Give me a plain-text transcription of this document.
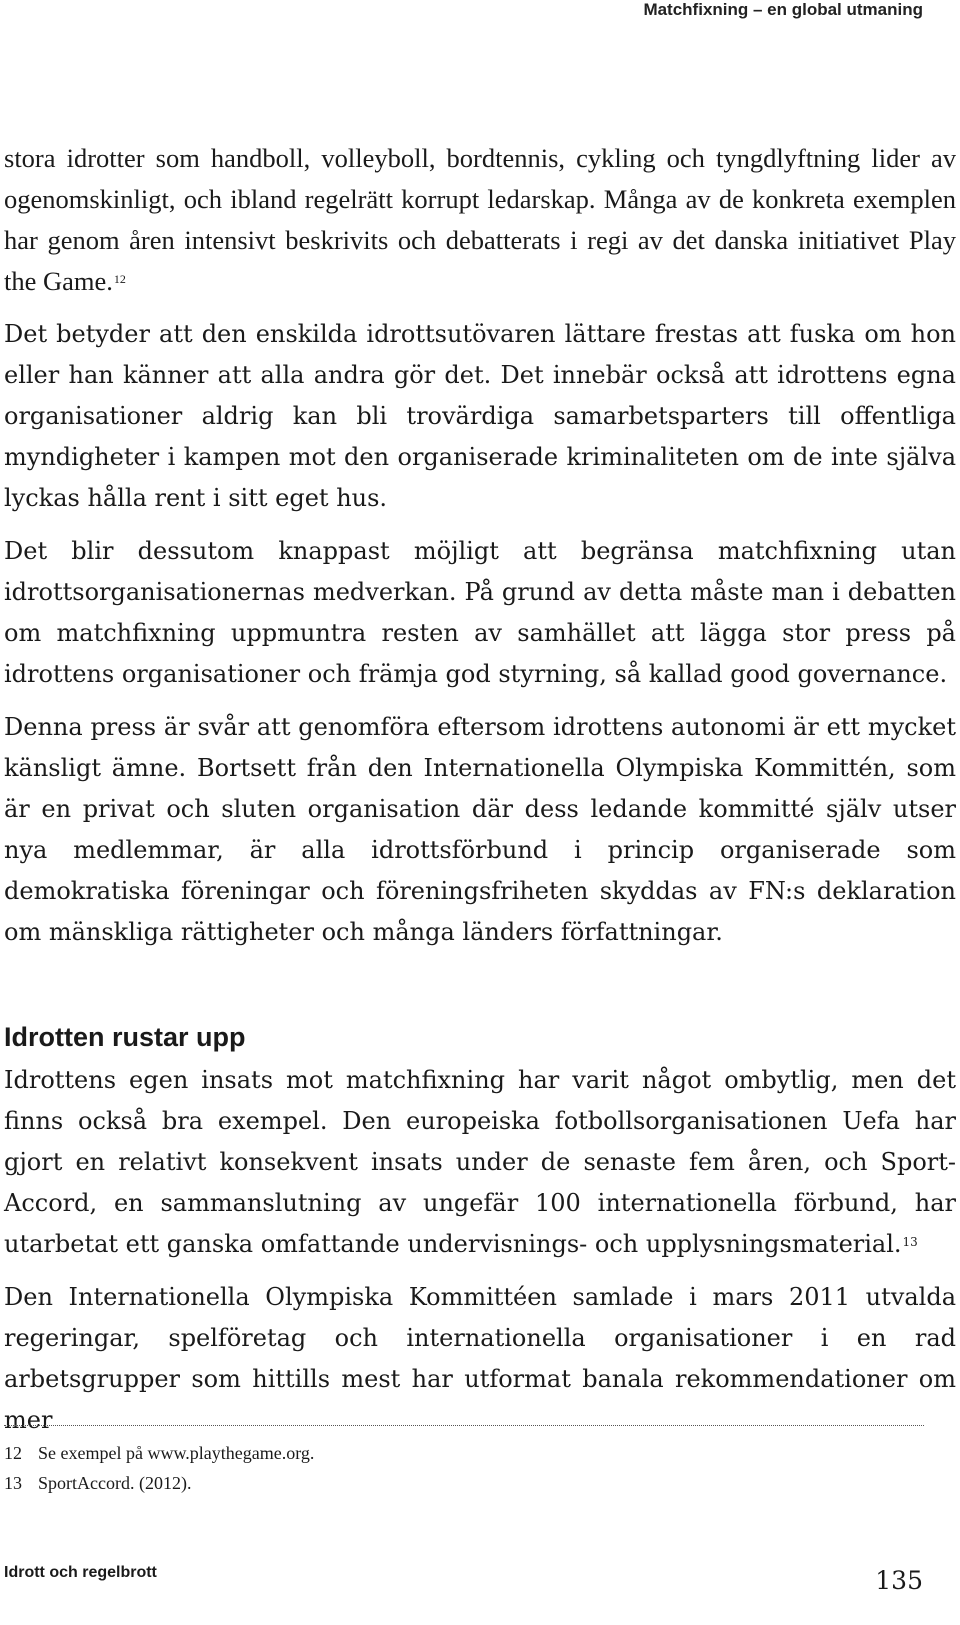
Matchfixning – en global utmaning

stora idrotter som handboll, volleyboll, bordtennis, cykling och tyngdlyftning lider av ogenomskinligt, och ibland regelrätt korrupt ledarskap. Många av de konkreta exemplen har genom åren intensivt beskrivits och debatterats i regi av det danska initiativet Play the Game.$^{12}$

Det betyder att den enskilda idrottsutövaren lättare frestas att fuska om hon eller han känner att alla andra gör det. Det innebär också att idrottens egna organisationer aldrig kan bli trovärdiga samarbetsparters till offentliga myndigheter i kampen mot den organiserade kriminaliteten om de inte själva lyckas hålla rent i sitt eget hus.

Det blir dessutom knappast möjligt att begränsa matchfixning utan idrottsorganisationernas medverkan. På grund av detta måste man i debatten om matchfixning uppmuntra resten av samhället att lägga stor press på idrottens organisationer och främja god styrning, så kallad good governance.

Denna press är svår att genomföra eftersom idrottens autonomi är ett mycket känsligt ämne. Bortsett från den Internationella Olympiska Kommittén, som är en privat och sluten organisation där dess ledande kommitté själv utser nya medlemmar, är alla idrottsförbund i princip organiserade som demokratiska föreningar och föreningsfriheten skyddas av FN:s deklaration om mänskliga rättigheter och många länders författningar.

Idrotten rustar upp

Idrottens egen insats mot matchfixning har varit något ombytlig, men det finns också bra exempel. Den europeiska fotbollsorganisationen Uefa har gjort en relativt konsekvent insats under de senaste fem åren, och Sport-Accord, en sammanslutning av ungefär 100 internationella förbund, har utarbetat ett ganska omfattande undervisnings- och upplysningsmaterial.$^{13}$

Den Internationella Olympiska Kommittéen samlade i mars 2011 utvalda regeringar, spelföretag och internationella organisationer i en rad arbetsgrupper som hittills mest har utformat banala rekommendationer om mer

12 Se exempel på www.playthegame.org.
13 SportAccord. (2012).
Idrott och regelbrott	135
